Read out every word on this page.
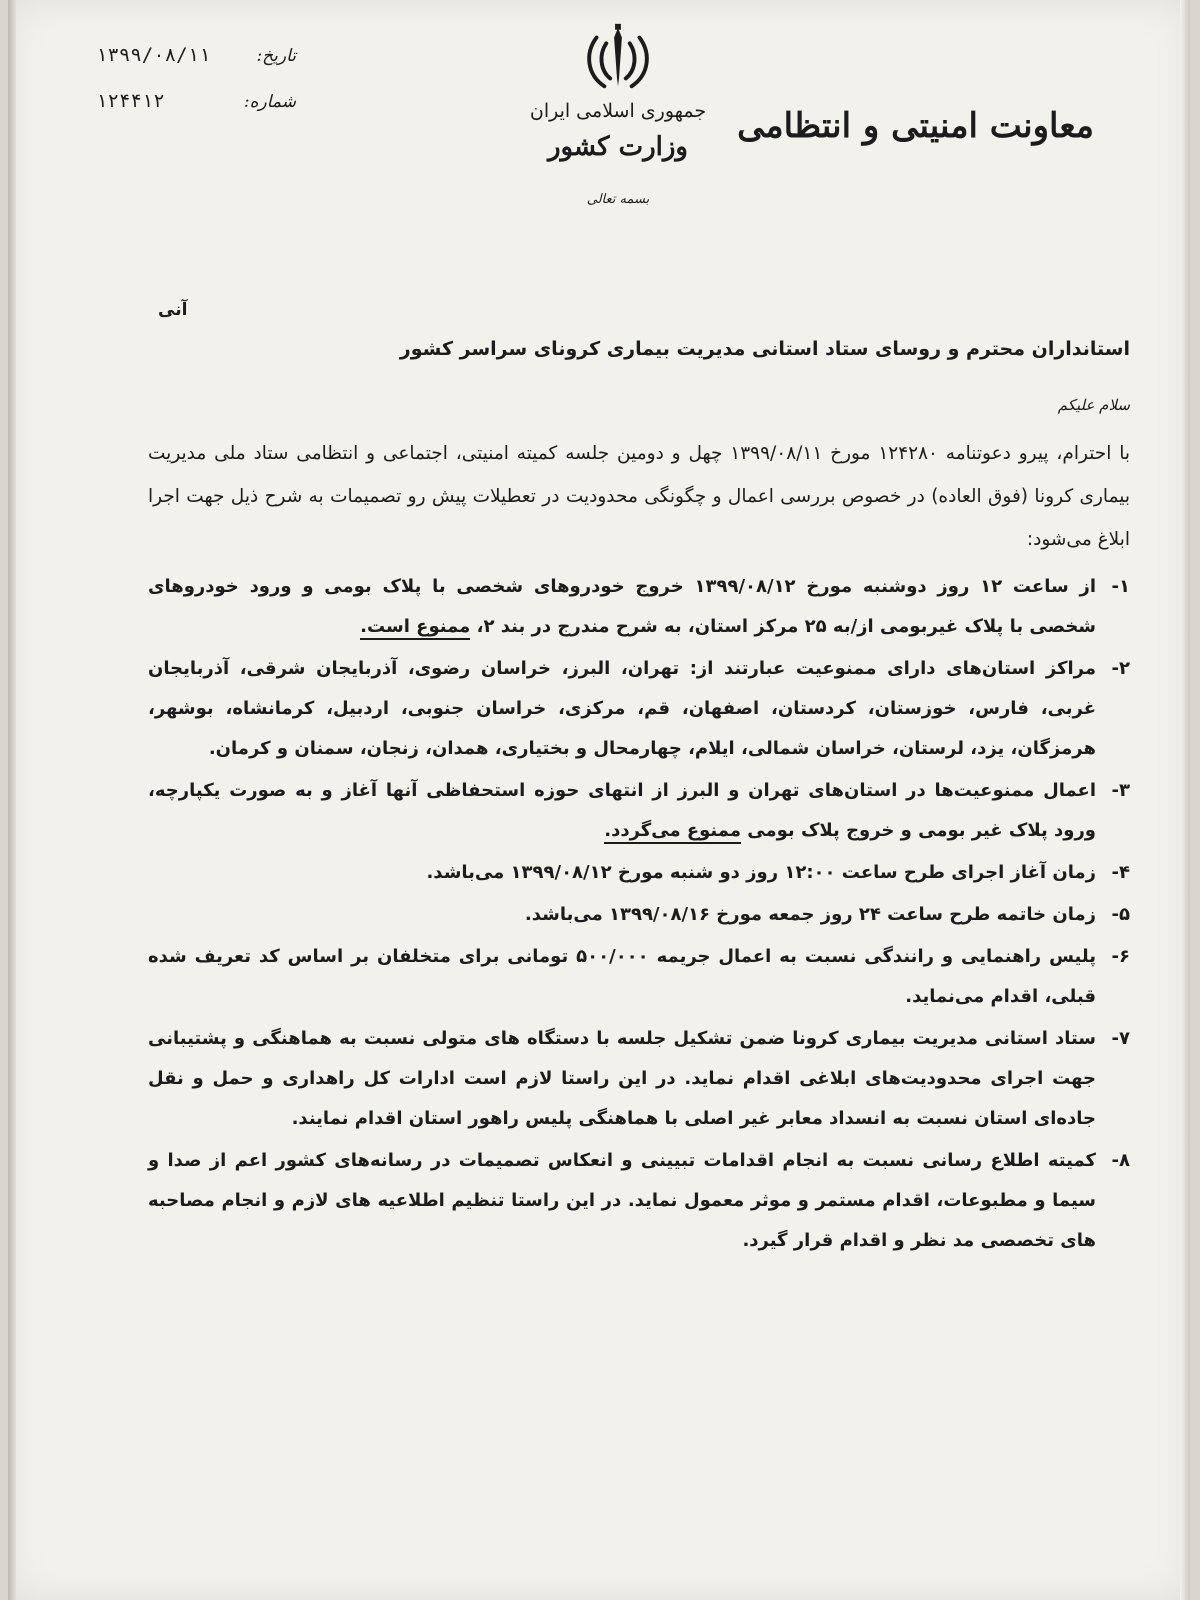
۱۳۹۹/۰۸/۱۱	تاریخ:
۱۲۴۴۱۲	شماره:	جمهوری اسلامی ایران
وزارت کشور
بسمه تعالی
معاونت امنیتی و انتظامی
آنی
استانداران محترم و روسای ستاد استانی مدیریت بیماری کرونای سراسر کشور
سلام علیکم
با احترام، پیرو دعوتنامه ۱۲۴۲۸۰ مورخ ۱۳۹۹/۰۸/۱۱ چهل و دومین جلسه کمیته امنیتی، اجتماعی و انتظامی ستاد ملی مدیریت بیماری کرونا (فوق العاده) در خصوص بررسی اعمال و چگونگی محدودیت در تعطیلات پیش رو تصمیمات به شرح ذیل جهت اجرا ابلاغ می‌شود:
۱-
از ساعت ۱۲ روز دوشنبه مورخ ۱۳۹۹/۰۸/۱۲ خروج خودروهای شخصی با پلاک بومی و ورود خودروهای شخصی با پلاک غیربومی از/به ۲۵ مرکز استان، به شرح مندرج در بند ۲، ممنوع است.
۲-
مراکز استان‌های دارای ممنوعیت عبارتند از: تهران، البرز، خراسان رضوی، آذربایجان شرقی، آذربایجان غربی، فارس، خوزستان، کردستان، اصفهان، قم، مرکزی، خراسان جنوبی، اردبیل، کرمانشاه، بوشهر، هرمزگان، یزد، لرستان، خراسان شمالی، ایلام، چهارمحال و بختیاری، همدان، زنجان، سمنان و کرمان.
۳-
اعمال ممنوعیت‌ها در استان‌های تهران و البرز از انتهای حوزه استحفاظی آنها آغاز و به صورت یکپارچه، ورود پلاک غیر بومی و خروج پلاک بومی ممنوع می‌گردد.
۴-
زمان آغاز اجرای طرح ساعت ۱۲:۰۰ روز دو شنبه مورخ ۱۳۹۹/۰۸/۱۲ می‌باشد.
۵-
زمان خاتمه طرح ساعت ۲۴ روز جمعه مورخ ۱۳۹۹/۰۸/۱۶ می‌باشد.
۶-
پلیس راهنمایی و رانندگی نسبت به اعمال جریمه ۵۰۰/۰۰۰ تومانی برای متخلفان بر اساس کد تعریف شده قبلی، اقدام می‌نماید.
۷-
ستاد استانی مدیریت بیماری کرونا ضمن تشکیل جلسه با دستگاه های متولی نسبت به هماهنگی و پشتیبانی جهت اجرای محدودیت‌های ابلاغی اقدام نماید. در این راستا لازم است ادارات کل راهداری و حمل و نقل جاده‌ای استان نسبت به انسداد معابر غیر اصلی با هماهنگی پلیس راهور استان اقدام نمایند.
۸-
کمیته اطلاع رسانی نسبت به انجام اقدامات تبیینی و انعکاس تصمیمات در رسانه‌های کشور اعم از صدا و سیما و مطبوعات، اقدام مستمر و موثر معمول نماید. در این راستا تنظیم اطلاعیه های لازم و انجام مصاحبه های تخصصی مد نظر و اقدام قرار گیرد.
